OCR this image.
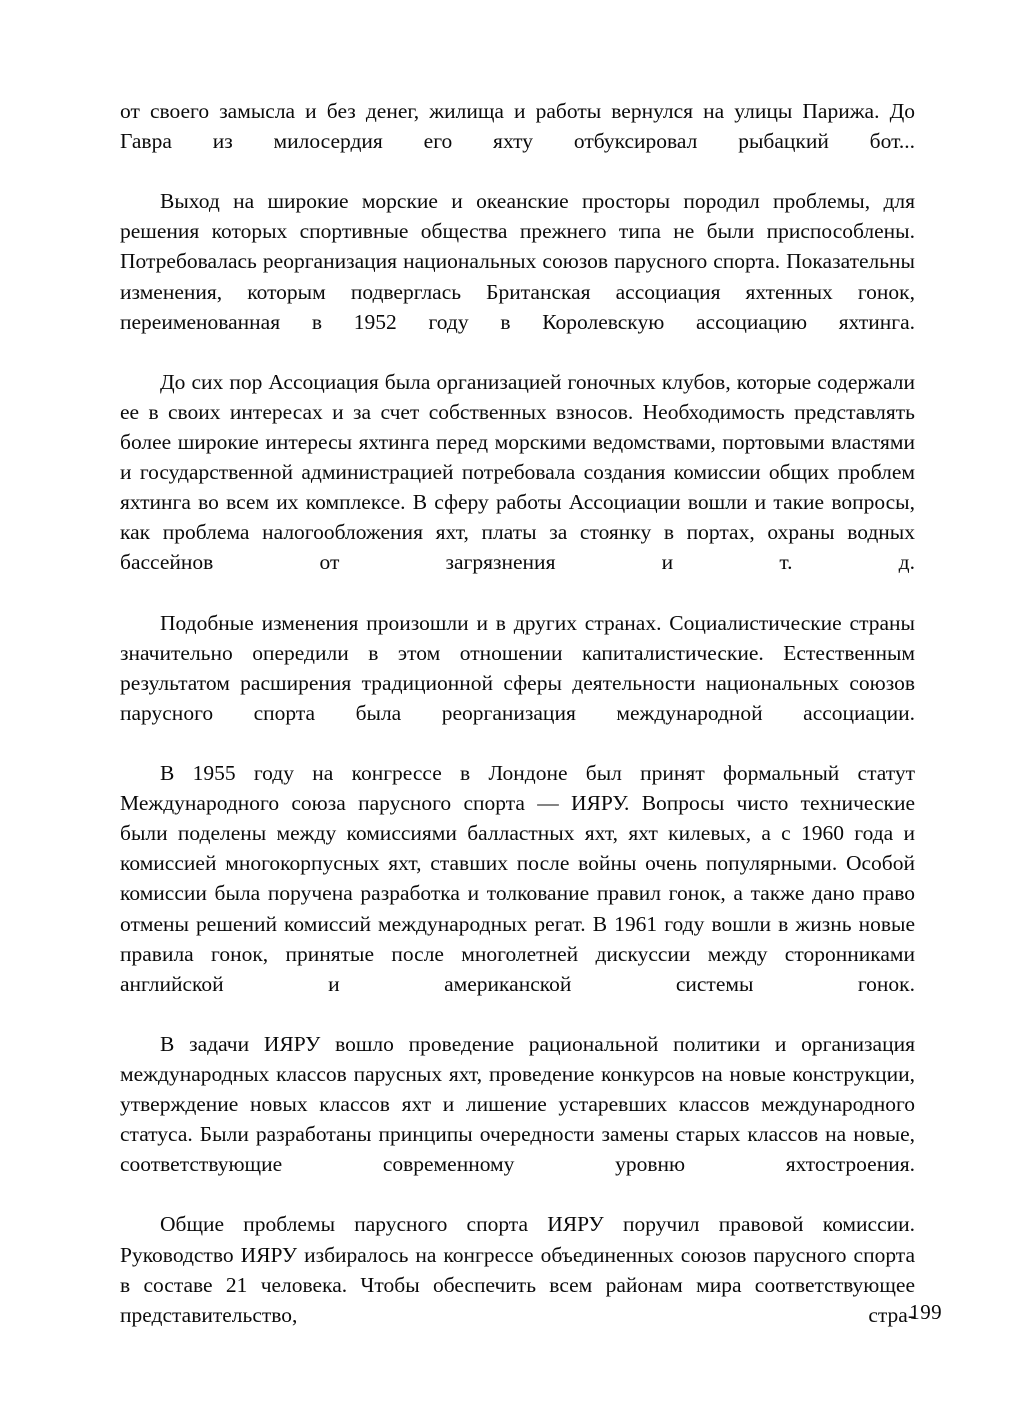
от своего замысла и без денег, жилища и работы вернулся на улицы Парижа. До Гавра из милосердия его яхту отбуксировал рыбацкий бот...

Выход на широкие морские и океанские просторы породил проблемы, для решения которых спортивные общества прежнего типа не были приспособлены. Потребовалась реорганизация национальных союзов парусного спорта. Показательны изменения, которым подверглась Британская ассоциация яхтенных гонок, переименованная в 1952 году в Королевскую ассоциацию яхтинга.

До сих пор Ассоциация была организацией гоночных клубов, которые содержали ее в своих интересах и за счет собственных взносов. Необходимость представлять более широкие интересы яхтинга перед морскими ведомствами, портовыми властями и государственной администрацией потребовала создания комиссии общих проблем яхтинга во всем их комплексе. В сферу работы Ассоциации вошли и такие вопросы, как проблема налогообложения яхт, платы за стоянку в портах, охраны водных бассейнов от загрязнения и т. д.

Подобные изменения произошли и в других странах. Социалистические страны значительно опередили в этом отношении капиталистические. Естественным результатом расширения традиционной сферы деятельности национальных союзов парусного спорта была реорганизация международной ассоциации.

В 1955 году на конгрессе в Лондоне был принят формальный статут Международного союза парусного спорта — ИЯРУ. Вопросы чисто технические были поделены между комиссиями балластных яхт, яхт килевых, а с 1960 года и комиссией многокорпусных яхт, ставших после войны очень популярными. Особой комиссии была поручена разработка и толкование правил гонок, а также дано право отмены решений комиссий международных регат. В 1961 году вошли в жизнь новые правила гонок, принятые после многолетней дискуссии между сторонниками английской и американской системы гонок.

В задачи ИЯРУ вошло проведение рациональной политики и организация международных классов парусных яхт, проведение конкурсов на новые конструкции, утверждение новых классов яхт и лишение устаревших классов международного статуса. Были разработаны принципы очередности замены старых классов на новые, соответствующие современному уровню яхтостроения.

Общие проблемы парусного спорта ИЯРУ поручил правовой комиссии. Руководство ИЯРУ избиралось на конгрессе объединенных союзов парусного спорта в составе 21 человека. Чтобы обеспечить всем районам мира соответствующее представительство, стра-

199
